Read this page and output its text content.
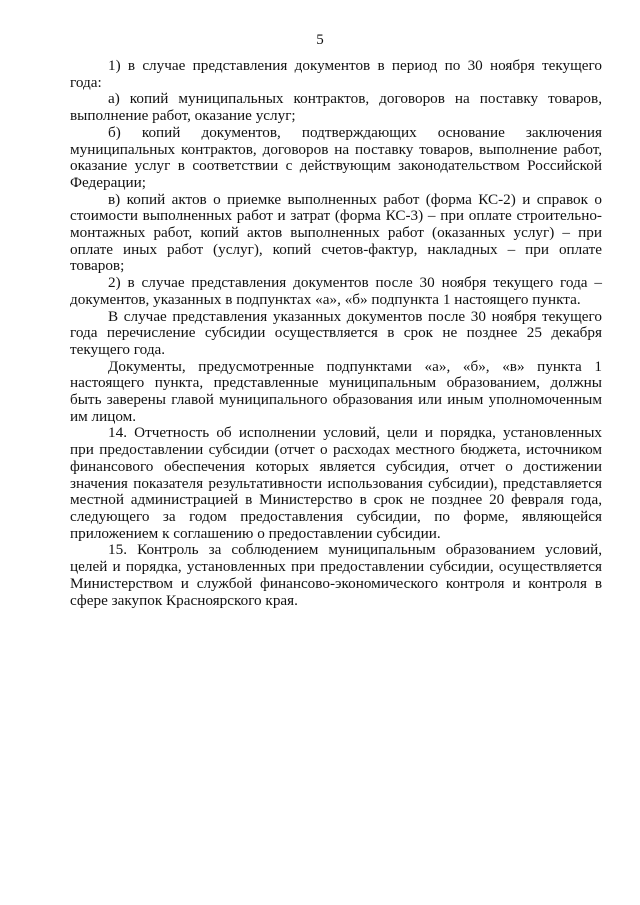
5

1) в случае представления документов в период по 30 ноября текущего года:

а) копий муниципальных контрактов, договоров на поставку товаров, выполнение работ, оказание услуг;

б) копий документов, подтверждающих основание заключения муниципальных контрактов, договоров на поставку товаров, выполнение работ, оказание услуг в соответствии с действующим законодательством Российской Федерации;

в) копий актов о приемке выполненных работ (форма КС-2) и справок о стоимости выполненных работ и затрат (форма КС-3) – при оплате строительно-монтажных работ, копий актов выполненных работ (оказанных услуг) – при оплате иных работ (услуг), копий счетов-фактур, накладных – при оплате товаров;

2) в случае представления документов после 30 ноября текущего года – документов, указанных в подпунктах «а», «б» подпункта 1 настоящего пункта.

В случае представления указанных документов после 30 ноября текущего года перечисление субсидии осуществляется в срок не позднее 25 декабря текущего года.

Документы, предусмотренные подпунктами «а», «б», «в» пункта 1 настоящего пункта, представленные муниципальным образованием, должны быть заверены главой муниципального образования или иным уполномоченным им лицом.

14. Отчетность об исполнении условий, цели и порядка, установленных при предоставлении субсидии (отчет о расходах местного бюджета, источником финансового обеспечения которых является субсидия, отчет о достижении значения показателя результативности использования субсидии), представляется местной администрацией в Министерство в срок не позднее 20 февраля года, следующего за годом предоставления субсидии, по форме, являющейся приложением к соглашению о предоставлении субсидии.

15. Контроль за соблюдением муниципальным образованием условий, целей и порядка, установленных при предоставлении субсидии, осуществляется Министерством и службой финансово-экономического контроля и контроля в сфере закупок Красноярского края.
